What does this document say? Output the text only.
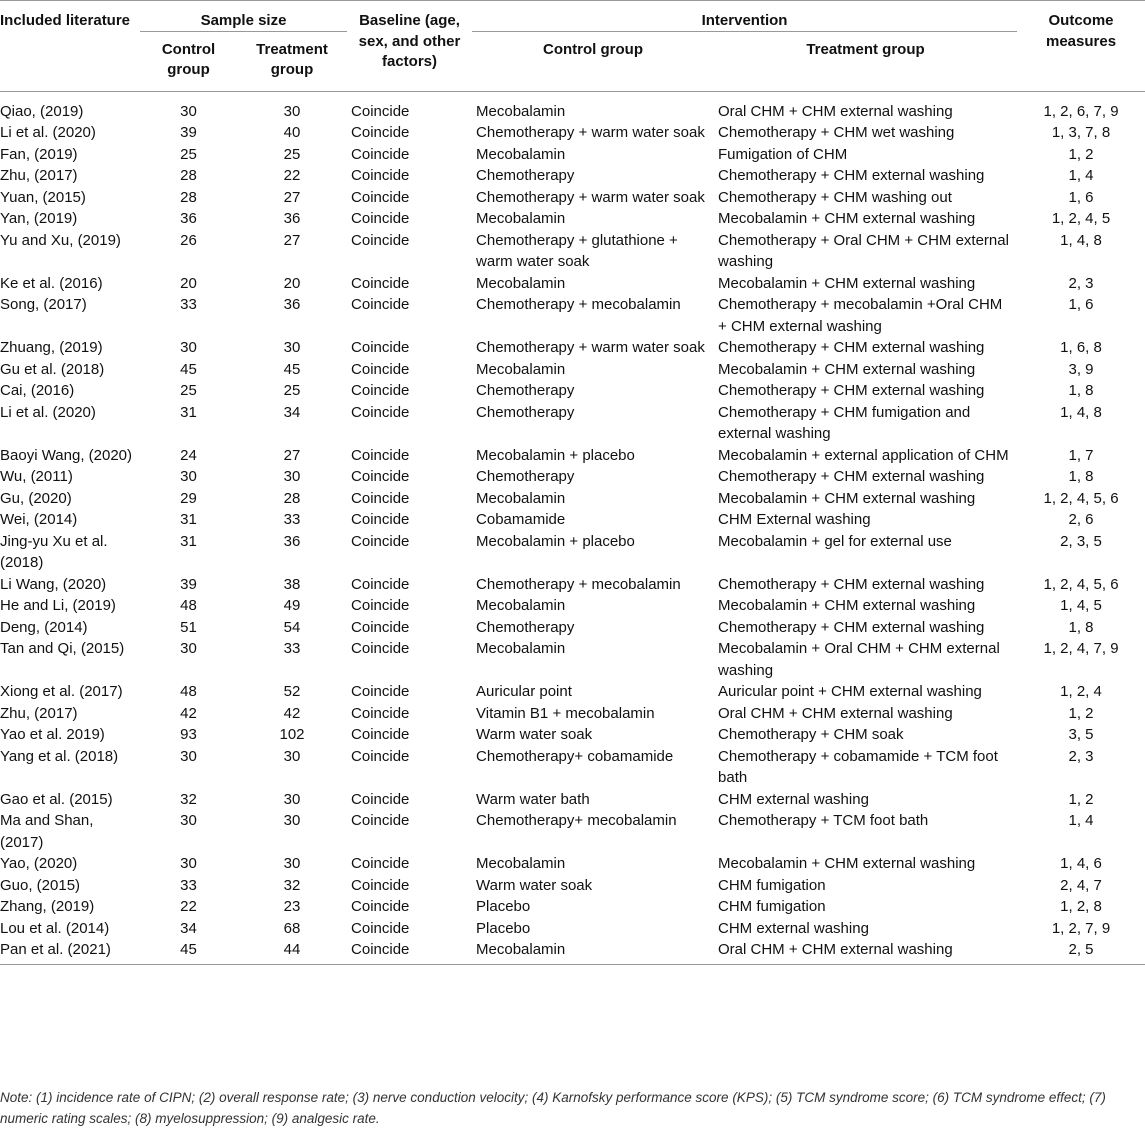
Included literature	Sample size		Baseline (age, sex, and other factors)	Intervention		Outcome measures
	Control group	Treatment group		Control group	Treatment group	

Qiao, (2019)	30	30	Coincide	Mecobalamin	Oral CHM + CHM external washing	1, 2, 6, 7, 9
Li et al. (2020)	39	40	Coincide	Chemotherapy + warm water soak	Chemotherapy + CHM wet washing	1, 3, 7, 8
Fan, (2019)	25	25	Coincide	Mecobalamin	Fumigation of CHM	1, 2
Zhu, (2017)	28	22	Coincide	Chemotherapy	Chemotherapy + CHM external washing	1, 4
Yuan, (2015)	28	27	Coincide	Chemotherapy + warm water soak	Chemotherapy + CHM washing out	1, 6
Yan, (2019)	36	36	Coincide	Mecobalamin	Mecobalamin + CHM external washing	1, 2, 4, 5
Yu and Xu, (2019)	26	27	Coincide	Chemotherapy + glutathione + warm water soak	Chemotherapy + Oral CHM + CHM external washing	1, 4, 8
Ke et al. (2016)	20	20	Coincide	Mecobalamin	Mecobalamin + CHM external washing	2, 3
Song, (2017)	33	36	Coincide	Chemotherapy + mecobalamin	Chemotherapy + mecobalamin +Oral CHM + CHM external washing	1, 6
Zhuang, (2019)	30	30	Coincide	Chemotherapy + warm water soak	Chemotherapy + CHM external washing	1, 6, 8
Gu et al. (2018)	45	45	Coincide	Mecobalamin	Mecobalamin + CHM external washing	3, 9
Cai, (2016)	25	25	Coincide	Chemotherapy	Chemotherapy + CHM external washing	1, 8
Li et al. (2020)	31	34	Coincide	Chemotherapy	Chemotherapy + CHM fumigation and external washing	1, 4, 8
Baoyi Wang, (2020)	24	27	Coincide	Mecobalamin + placebo	Mecobalamin + external application of CHM	1, 7
Wu, (2011)	30	30	Coincide	Chemotherapy	Chemotherapy + CHM external washing	1, 8
Gu, (2020)	29	28	Coincide	Mecobalamin	Mecobalamin + CHM external washing	1, 2, 4, 5, 6
Wei, (2014)	31	33	Coincide	Cobamamide	CHM External washing	2, 6
Jing-yu Xu et al. (2018)	31	36	Coincide	Mecobalamin + placebo	Mecobalamin + gel for external use	2, 3, 5
Li Wang, (2020)	39	38	Coincide	Chemotherapy + mecobalamin	Chemotherapy + CHM external washing	1, 2, 4, 5, 6
He and Li, (2019)	48	49	Coincide	Mecobalamin	Mecobalamin + CHM external washing	1, 4, 5
Deng, (2014)	51	54	Coincide	Chemotherapy	Chemotherapy + CHM external washing	1, 8
Tan and Qi, (2015)	30	33	Coincide	Mecobalamin	Mecobalamin + Oral CHM + CHM external washing	1, 2, 4, 7, 9
Xiong et al. (2017)	48	52	Coincide	Auricular point	Auricular point + CHM external washing	1, 2, 4
Zhu, (2017)	42	42	Coincide	Vitamin B1 + mecobalamin	Oral CHM + CHM external washing	1, 2
Yao et al. 2019)	93	102	Coincide	Warm water soak	Chemotherapy + CHM soak	3, 5
Yang et al. (2018)	30	30	Coincide	Chemotherapy+ cobamamide	Chemotherapy + cobamamide + TCM foot bath	2, 3
Gao et al. (2015)	32	30	Coincide	Warm water bath	CHM external washing	1, 2
Ma and Shan, (2017)	30	30	Coincide	Chemotherapy+ mecobalamin	Chemotherapy + TCM foot bath	1, 4
Yao, (2020)	30	30	Coincide	Mecobalamin	Mecobalamin + CHM external washing	1, 4, 6
Guo, (2015)	33	32	Coincide	Warm water soak	CHM fumigation	2, 4, 7
Zhang, (2019)	22	23	Coincide	Placebo	CHM fumigation	1, 2, 8
Lou et al. (2014)	34	68	Coincide	Placebo	CHM external washing	1, 2, 7, 9
Pan et al. (2021)	45	44	Coincide	Mecobalamin	Oral CHM + CHM external washing	2, 5
Note: (1) incidence rate of CIPN; (2) overall response rate; (3) nerve conduction velocity; (4) Karnofsky performance score (KPS); (5) TCM syndrome score; (6) TCM syndrome effect; (7) numeric rating scales; (8) myelosuppression; (9) analgesic rate.
